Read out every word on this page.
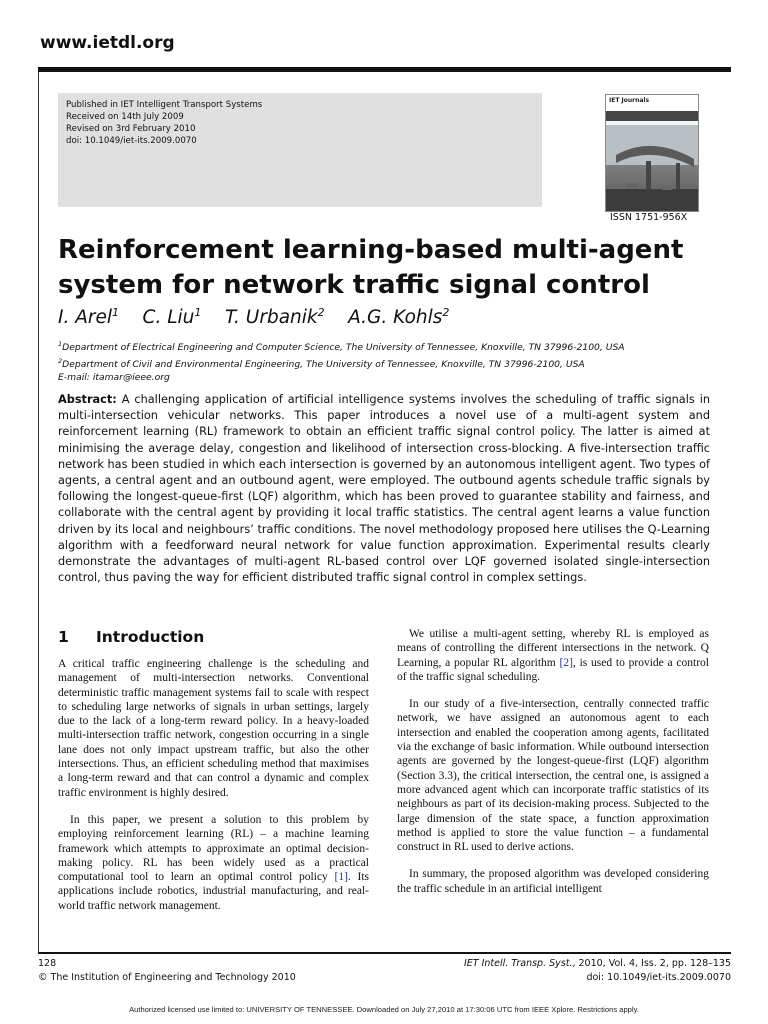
www.ietdl.org
Published in IET Intelligent Transport Systems
Received on 14th July 2009
Revised on 3rd February 2010
doi: 10.1049/iet-its.2009.0070
IET Journals
ISSN 1751-956X
Reinforcement learning-based multi-agent system for network traffic signal control
I. Arel$^1$ C. Liu$^1$ T. Urbanik$^2$ A.G. Kohls$^2$
$^1$Department of Electrical Engineering and Computer Science, The University of Tennessee, Knoxville, TN 37996-2100, USA
$^2$Department of Civil and Environmental Engineering, The University of Tennessee, Knoxville, TN 37996-2100, USA
E-mail: itamar@ieee.org
Abstract: A challenging application of artificial intelligence systems involves the scheduling of traffic signals in multi-intersection vehicular networks. This paper introduces a novel use of a multi-agent system and reinforcement learning (RL) framework to obtain an efficient traffic signal control policy. The latter is aimed at minimising the average delay, congestion and likelihood of intersection cross-blocking. A five-intersection traffic network has been studied in which each intersection is governed by an autonomous intelligent agent. Two types of agents, a central agent and an outbound agent, were employed. The outbound agents schedule traffic signals by following the longest-queue-first (LQF) algorithm, which has been proved to guarantee stability and fairness, and collaborate with the central agent by providing it local traffic statistics. The central agent learns a value function driven by its local and neighbours’ traffic conditions. The novel methodology proposed here utilises the Q-Learning algorithm with a feedforward neural network for value function approximation. Experimental results clearly demonstrate the advantages of multi-agent RL-based control over LQF governed isolated single-intersection control, thus paving the way for efficient distributed traffic signal control in complex settings.
1 Introduction

A critical traffic engineering challenge is the scheduling and management of multi-intersection networks. Conventional deterministic traffic management systems fail to scale with respect to scheduling large networks of signals in urban settings, largely due to the lack of a long-term reward policy. In a heavy-loaded multi-intersection traffic network, congestion occurring in a single lane does not only impact upstream traffic, but also the other intersections. Thus, an efficient scheduling method that maximises a long-term reward and that can control a dynamic and complex traffic environment is highly desired.

In this paper, we present a solution to this problem by employing reinforcement learning (RL) – a machine learning framework which attempts to approximate an optimal decision-making policy. RL has been widely used as a practical computational tool to learn an optimal control policy [1]. Its applications include robotics, industrial manufacturing, and real-world traffic network management.

We utilise a multi-agent setting, whereby RL is employed as means of controlling the different intersections in the network. Q Learning, a popular RL algorithm [2], is used to provide a control of the traffic signal scheduling.

In our study of a five-intersection, centrally connected traffic network, we have assigned an autonomous agent to each intersection and enabled the cooperation among agents, facilitated via the exchange of basic information. While outbound intersection agents are governed by the longest-queue-first (LQF) algorithm (Section 3.3), the critical intersection, the central one, is assigned a more advanced agent which can incorporate traffic statistics of its neighbours as part of its decision-making process. Subjected to the large dimension of the state space, a function approximation method is applied to store the value function – a fundamental construct in RL used to derive actions.

In summary, the proposed algorithm was developed considering the traffic schedule in an artificial intelligent

128
© The Institution of Engineering and Technology 2010
IET Intell. Transp. Syst., 2010, Vol. 4, Iss. 2, pp. 128–135
doi: 10.1049/iet-its.2009.0070
Authorized licensed use limited to: UNIVERSITY OF TENNESSEE. Downloaded on July 27,2010 at 17:30:06 UTC from IEEE Xplore. Restrictions apply.
